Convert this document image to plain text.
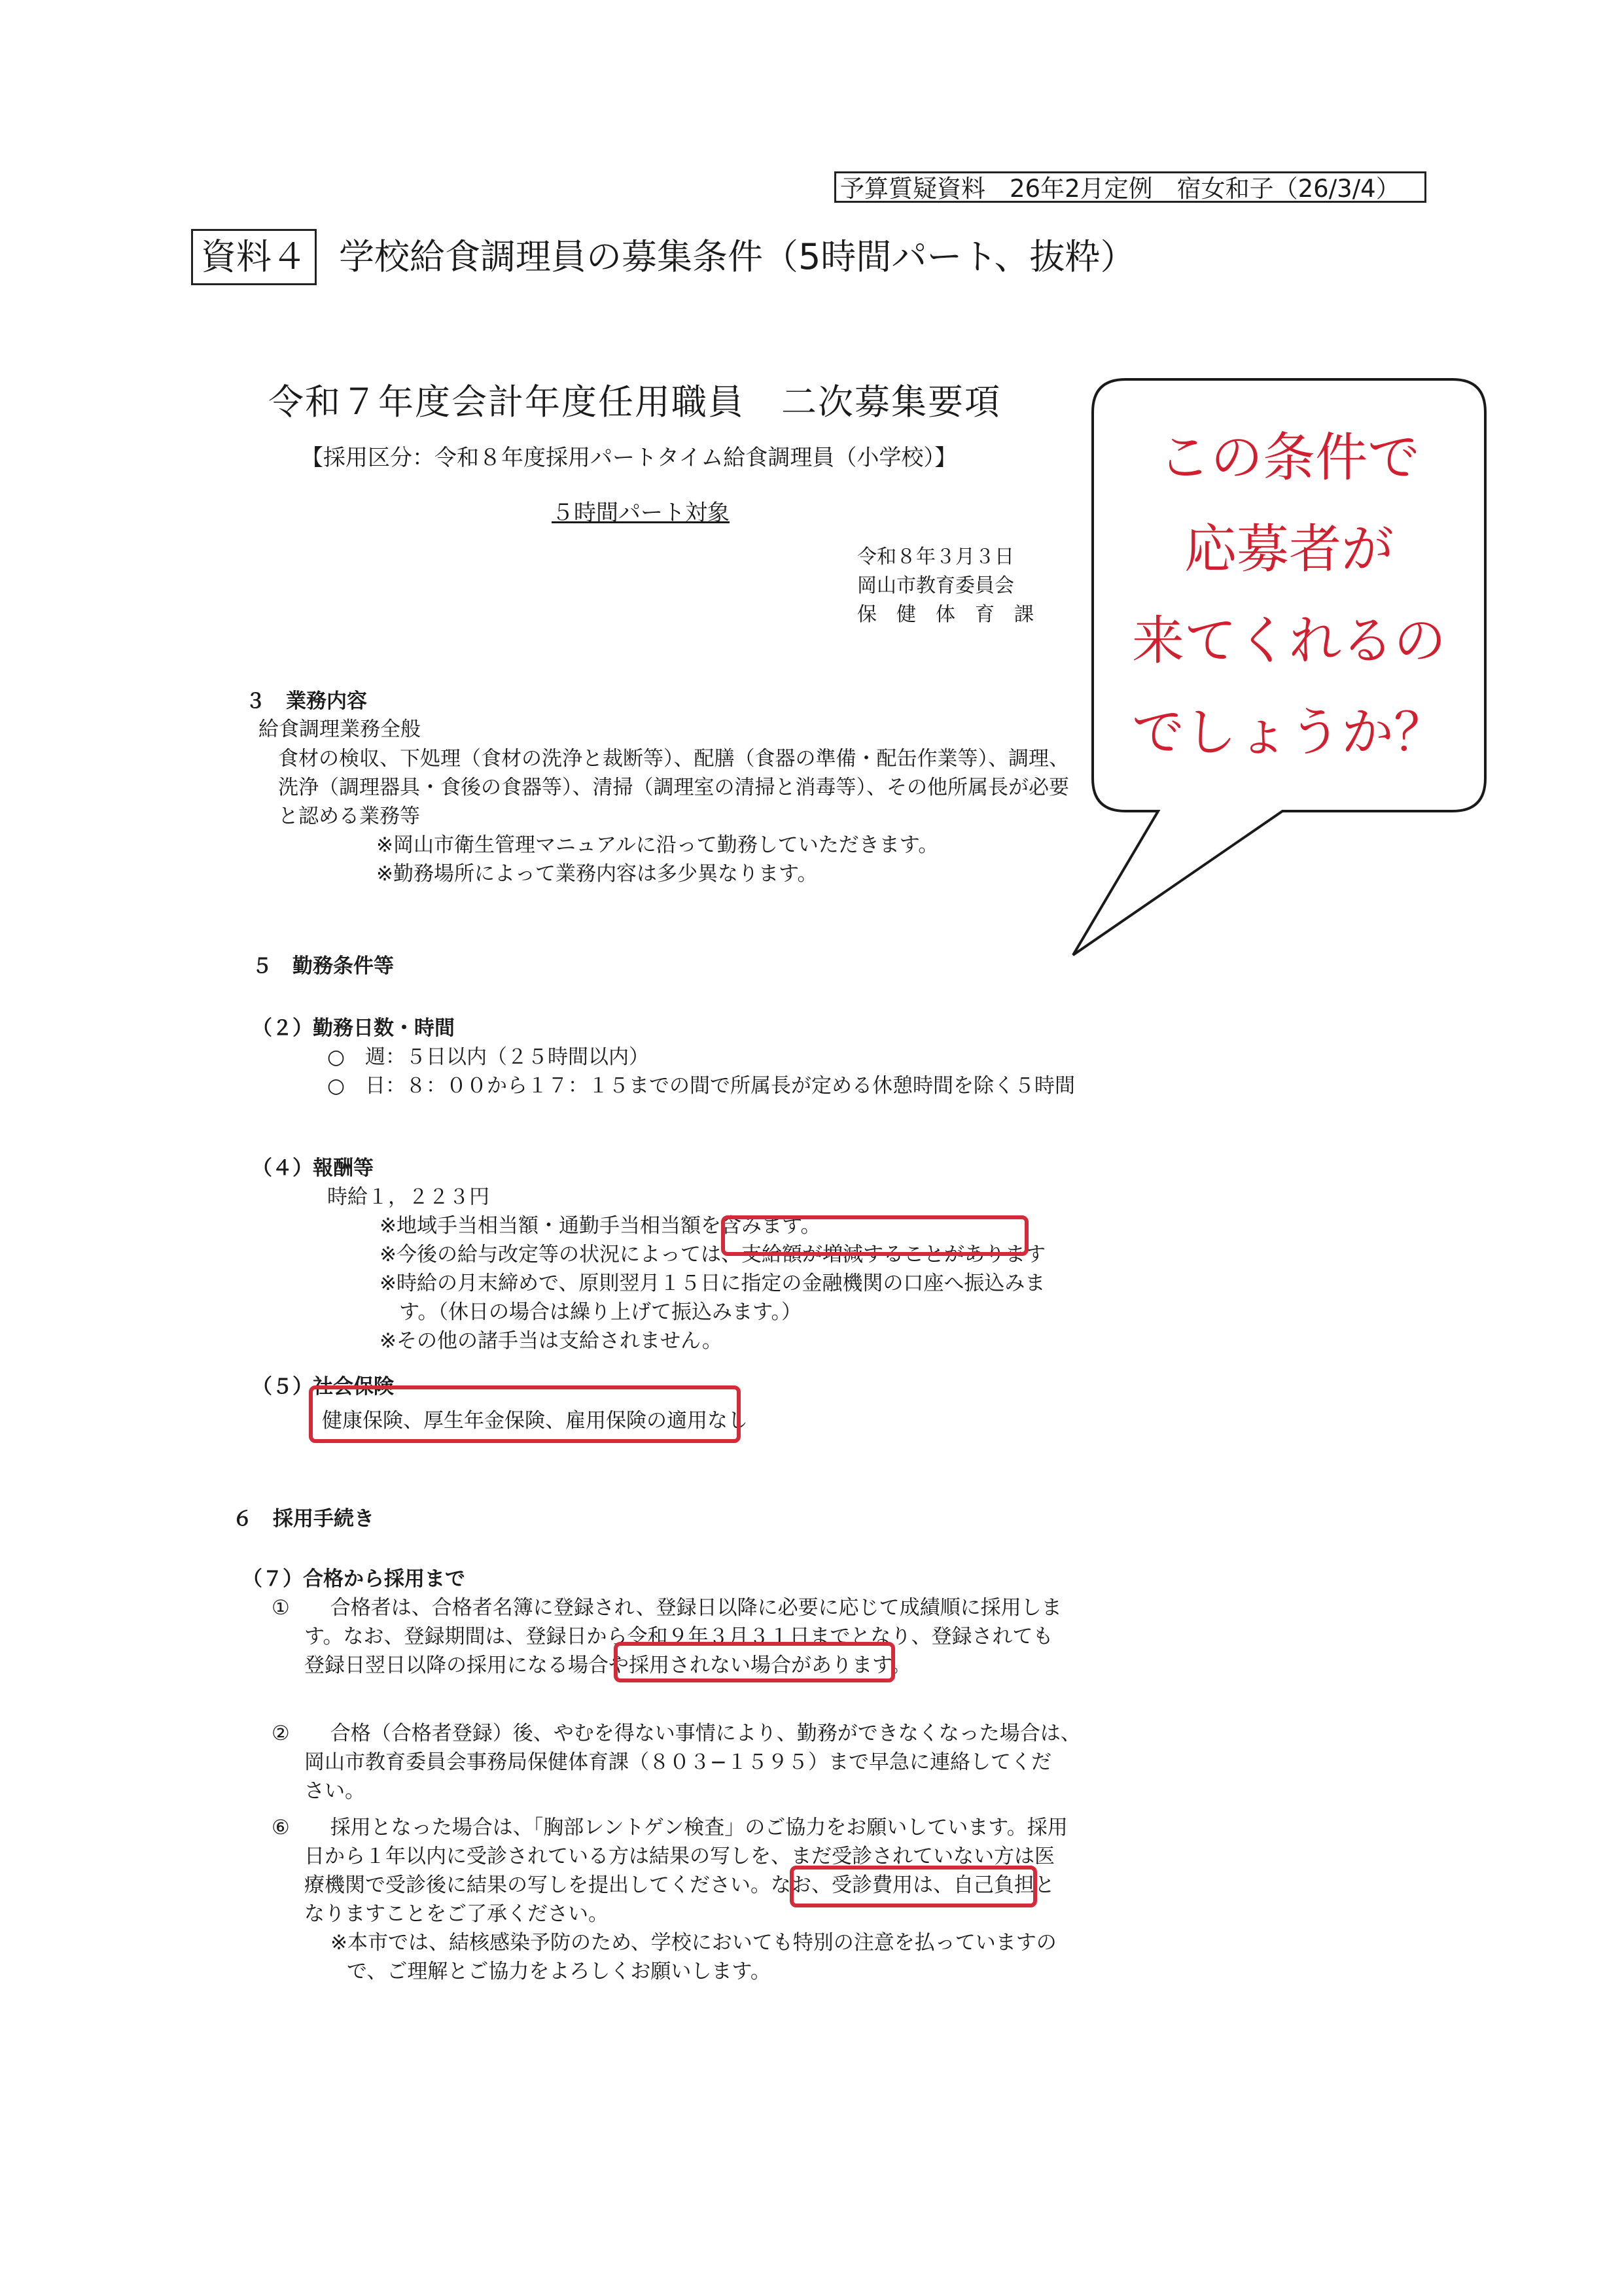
予算質疑資料　26年2月定例　宿女和子（26/3/4）
資料４ 学校給食調理員の募集条件（5時間パート、抜粋）
令和７年度会計年度任用職員　二次募集要項
【採用区分：令和８年度採用パートタイム給食調理員（小学校）】
５時間パート対象
令和８年３月３日
岡山市教育委員会
保　健　体　育　課
３　業務内容
給食調理業務全般
食材の検収、下処理（食材の洗浄と裁断等）、配膳（食器の準備・配缶作業等）、調理、
洗浄（調理器具・食後の食器等）、清掃（調理室の清掃と消毒等）、その他所属長が必要
と認める業務等
※岡山市衛生管理マニュアルに沿って勤務していただきます。
※勤務場所によって業務内容は多少異なります。
５　勤務条件等
（２）勤務日数・時間
○　週：５日以内（２５時間以内）
○　日：８：００から１７：１５までの間で所属長が定める休憩時間を除く５時間
（４）報酬等
時給１，２２３円
※地域手当相当額・通勤手当相当額を含みます。
※今後の給与改定等の状況によっては、支給額が増減することがあります
※時給の月末締めで、原則翌月１５日に指定の金融機関の口座へ振込みま
す。（休日の場合は繰り上げて振込みます。）
※その他の諸手当は支給されません。
（５）社会保険
健康保険、厚生年金保険、雇用保険の適用なし
６　採用手続き
（７）合格から採用まで
①　　合格者は、合格者名簿に登録され、登録日以降に必要に応じて成績順に採用しま
す。なお、登録期間は、登録日から令和９年３月３１日までとなり、登録されても
登録日翌日以降の採用になる場合や採用されない場合があります。
②　　合格（合格者登録）後、やむを得ない事情により、勤務ができなくなった場合は、
岡山市教育委員会事務局保健体育課（８０３−１５９５）まで早急に連絡してくだ
さい。
⑥　　採用となった場合は、「胸部レントゲン検査」のご協力をお願いしています。採用
日から１年以内に受診されている方は結果の写しを、まだ受診されていない方は医
療機関で受診後に結果の写しを提出してください。なお、受診費用は、自己負担と
なりますことをご了承ください。
※本市では、結核感染予防のため、学校においても特別の注意を払っていますの
で、ご理解とご協力をよろしくお願いします。
この条件で
応募者が
来てくれるの
でしょうか？
